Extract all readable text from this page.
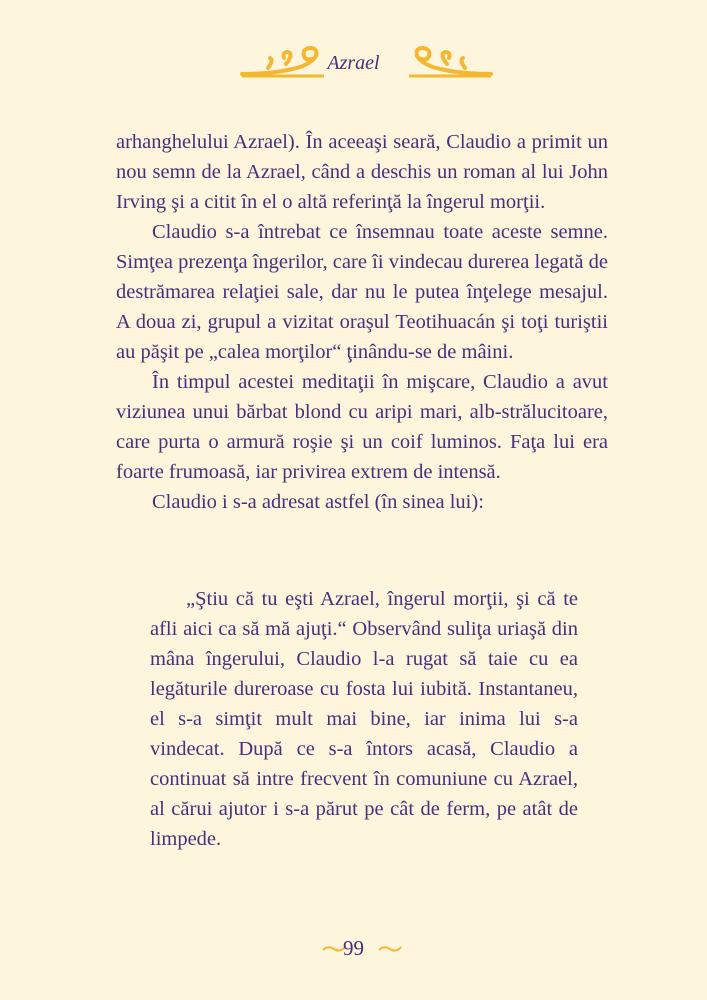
Azrael

arhanghelului Azrael). În aceeaşi seară, Claudio a primit un nou semn de la Azrael, când a deschis un roman al lui John Irving şi a citit în el o altă referinţă la îngerul morţii.

Claudio s-a întrebat ce însemnau toate aceste semne. Simţea prezenţa îngerilor, care îi vindecau durerea legată de destrămarea relaţiei sale, dar nu le putea înţelege mesajul. A doua zi, grupul a vizitat oraşul Teotihuacán şi toţi turiştii au păşit pe „calea morţilor“ ţinându-se de mâini.

În timpul acestei meditaţii în mişcare, Claudio a avut viziunea unui bărbat blond cu aripi mari, alb-strălucitoare, care purta o armură roşie şi un coif luminos. Faţa lui era foarte frumoasă, iar privirea extrem de intensă.

Claudio i s-a adresat astfel (în sinea lui):

„Ştiu că tu eşti Azrael, îngerul morţii, şi că te afli aici ca să mă ajuţi.“ Observând suliţa uriaşă din mâna îngerului, Claudio l-a rugat să taie cu ea legăturile dureroase cu fosta lui iubită. Instantaneu, el s-a simţit mult mai bine, iar inima lui s-a vindecat. După ce s-a întors acasă, Claudio a continuat să intre frecvent în comuniune cu Azrael, al cărui ajutor i s-a părut pe cât de ferm, pe atât de limpede.

99
